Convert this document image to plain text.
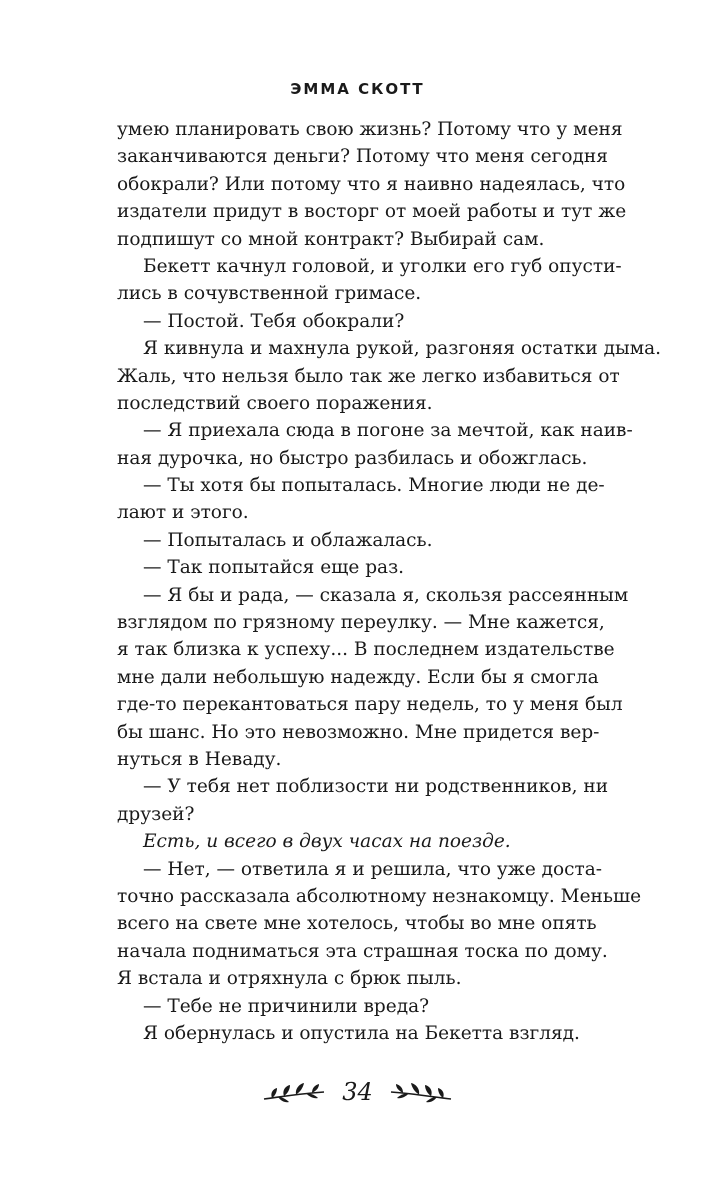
ЭММА СКОТТ
умею планировать свою жизнь? Потому что у меня
заканчиваются деньги? Потому что меня сегодня
обокрали? Или потому что я наивно надеялась, что
издатели придут в восторг от моей работы и тут же
подпишут со мной контракт? Выбирай сам.
Бекетт качнул головой, и уголки его губ опусти-
лись в сочувственной гримасе.
— Постой. Тебя обокрали?
Я кивнула и махнула рукой, разгоняя остатки дыма.
Жаль, что нельзя было так же легко избавиться от
последствий своего поражения.
— Я приехала сюда в погоне за мечтой, как наив-
ная дурочка, но быстро разбилась и обожглась.
— Ты хотя бы попыталась. Многие люди не де-
лают и этого.
— Попыталась и облажалась.
— Так попытайся еще раз.
— Я бы и рада, — сказала я, скользя рассеянным
взглядом по грязному переулку. — Мне кажется,
я так близка к успеху... В последнем издательстве
мне дали небольшую надежду. Если бы я смогла
где-то перекантоваться пару недель, то у меня был
бы шанс. Но это невозможно. Мне придется вер-
нуться в Неваду.
— У тебя нет поблизости ни родственников, ни
друзей?
Есть, и всего в двух часах на поезде.
— Нет, — ответила я и решила, что уже доста-
точно рассказала абсолютному незнакомцу. Меньше
всего на свете мне хотелось, чтобы во мне опять
начала подниматься эта страшная тоска по дому.
Я встала и отряхнула с брюк пыль.
— Тебе не причинили вреда?
Я обернулась и опустила на Бекетта взгляд.
34
